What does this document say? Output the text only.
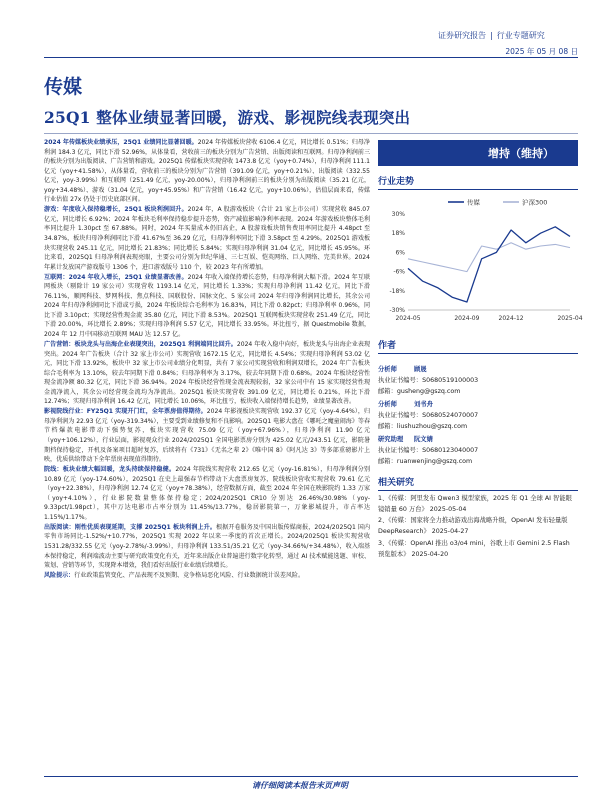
证券研究报告 | 行业专题研究
2025 年 05 月 08 日
传媒
25Q1 整体业绩显著回暖，游戏、影视院线表现突出

2024 年传媒板块业绩承压，25Q1 业绩同比显著回暖。2024 年传媒板块营收 6106.4 亿元，同比增长 0.51%；归母净利润 184.3 亿元，同比下滑 52.96%，从体量看，营收前三的板块分别为广告营销、出版阅读和互联网。归母净利润前三的板块分别为出版阅读、广告营销和游戏。2025Q1 传媒板块实现营收 1473.8 亿元（yoy+0.74%），归母净利润 111.1 亿元（yoy+41.58%），从体量看，营收前三的板块分别为广告营销（391.09 亿元，yoy+0.21%）、出版阅读（332.55 亿元，yoy-3.99%）和互联网（251.49 亿元，yoy-20.00%），归母净利润前三的板块分别为出版阅读（35.21 亿元，yoy+34.48%）、游戏（31.04 亿元，yoy+45.95%）和广告营销（16.42 亿元，yoy+10.06%），估值层面来看，传媒行业估值 27x 仍处于历史底部区间。

游戏：年度收入保持稳增长，25Q1 板块利润回升。2024 年，A 股游戏板块（合计 21 家上市公司）实现营收 845.07 亿元，同比增长 6.92%；2024 年板块毛利率保持稳步提升态势，资产减值影响净利率表现。2024 年游戏板块整体毛利率同比提升 1.30pct 至 67.88%。同时，2024 年买量成本仍旧高企，A 股游戏板块销售费用率同比提升 4.48pct 至 34.87%，板块归母净利润同比下滑 41.67%至 36.29 亿元，归母净利率同比下滑 3.58pct 至 4.29%。2025Q1 游戏板块实现营收 245.11 亿元，同比增长 21.83%；同比增长 5.84%；实现归母净利润 31.04 亿元，同比增长 45.95%。环比来看，2025Q1 归母净利润表现亮眼，主要公司分别为世纪华通、三七互娱、恺英网络、巨人网络、完美世界。2024 年累计发放国产游戏版号 1306 个，进口游戏版号 110 个，较 2023 年有所增加。

互联网：2024 年收入增长，25Q1 业绩显著改善。2024 年收入端保持增长态势，归母净利润大幅下滑。2024 年互联网板块（剔除计 19 家公司）实现营收 1193.14 亿元，同比增长 1.33%；实现归母净利润 11.42 亿元，同比下滑 76.11%，顺网科技、梦网科技、焦点科技、国联股份、国脉文化、5 家公司 2024 年归母净利润同比增长，其余公司 2024 年归母净利润同比下滑或亏损，2024 年板块综合毛利率为 16.83%，同比下滑 0.82pct；归母净利率 0.96%，同比下滑 3.10pct；实现经营性现金流 35.80 亿元，同比下滑 8.53%。2025Q1 互联网板块实现营收 251.49 亿元，同比下滑 20.00%，环比增长 2.89%；实现归母净利润 5.57 亿元，同比增长 33.95%。环比扭亏，据 Questmobile 数据，2024 年 12 月中国移动互联网 MAU 达 12.57 亿。

广告营销：板块龙头与出海企业表现突出，2025Q1 利润端同比回升。2024 年收入稳中向好，板块龙头与出海企业表现突出。2024 年广告板块（合计 32 家上市公司）实现营收 1672.15 亿元，同比增长 4.54%；实现归母净利润 53.02 亿元，同比下滑 13.92%，板块中 32 家上市公司业绩分化明显，共有 7 家公司实现营收和利润双增长，2024 年广告板块综合毛利率为 13.10%，较去年同期下滑 0.84%；归母净利率为 3.17%，较去年同期下滑 0.68%。2024 年板块经营性现金流净额 80.32 亿元，同比下滑 36.94%。2024 年板块经营性现金流表现较弱，32 家公司中有 15 家实现经营性现金流净流入，其余公司经营现金流均为净流出。2025Q1 板块实现营收 391.09 亿元，同比增长 0.21%，环比下滑 12.74%；实现归母净利润 16.42 亿元，同比增长 10.06%，环比扭亏，板块收入端保持增长趋势，业绩显著改善。

影视院线行业：FY25Q1 实现开门红，全年票房值得期待。2024 年影视板块实现营收 192.37 亿元（yoy-4.64%），归母净利润为 22.93 亿元（yoy-319.34%），主要受到业绩修复和不良影响。2025Q1 电影大盘在《哪吒之魔童闹海》等春节档爆款电影带动下强势复苏，板块实现营收 75.09 亿元（yoy+67.96%），归母净利润 11.90 亿元（yoy+106.12%），行业层面，影视观众行业 2024/2025Q1 全国电影票房分别为 425.02 亿元/243.51 亿元，影院暑期档保持稳定，开机及备案项目超时复苏，后续将有《731》《无名之辈 2》《唯中国 8》《阿凡达 3》等多部重磅影片上映，优质供给带动下全年票房表现值得期待。

院线：板块业绩大幅回暖，龙头持续保持稳健。2024 年院线实现营收 212.65 亿元（yoy-16.81%），归母净利润分别 10.89 亿元（yoy-174.60%），2025Q1 在史上最强春节档带动下大盘票房复苏，院线板块营收实现营收 79.61 亿元（yoy+22.38%），归母净利润 12.74 亿元（yoy+78.38%），经营数据方面，截至 2024 年全国在映影院约 1.33 万家（yoy+4.10%），行业影院数量整体保持稳定；2024/2025Q1 CR10 分别达 26.46%/30.98%（yoy-9.33pct/1.98pct），其中万达电影市占率分别为 11.45%/13.77%，稳居影院第一，万象影城提升，市占率达 1.15%/1.17%。

出版阅读：刚性优质表现延期，支撑 2025Q1 板块利润上升。根据开卷服务及中国出版传媒商报，2024/2025Q1 国内零售市场同比-1.52%/+10.77%，2025Q1 实现 2022 年以来一季度的首次正增长。2024/2025Q1 板块实现营收 1531.28/332.55 亿元（yoy-2.78%/-3.99%），归母净利润 133.51/35.21 亿元（yoy-34.66%/+34.48%），收入端基本保持稳定，利润端波动主要与研究政策变化有关，近年来出版企业普遍进行数字化转型，通过 AI 技术赋能选题、审校、策划、营销等环节，实现降本增效，我们看好出版行业业绩后续增长。

风险提示：行业政策监管变化、产品表现不及预期、竞争格局恶化风险、行业数据统计误差风险。

增持（维持）
行业走势
传媒	沪深300
30%
18%
6%
-6%
-18%
-30%
2024-05	2024-09	2024-12	2025-04
作者
分析师	顾晟
执业证书编号： S0680519100003
邮箱： gusheng@gszq.com
分析师	刘书舟
执业证书编号： S0680524070007
邮箱： liushuzhou@gszq.com
研究助理	阮文婧
执业证书编号： S0680123040007
邮箱： ruanwenjing@gszq.com
相关研究
1、《传媒：阿里发布 Qwen3 模型家族，2025 年 Q1 全球 AI 智能眼镜销量 60 万台》 2025-05-04
2、《传媒：国家将全力推动游戏出海战略升级，OpenAI 发布轻量版 DeepResearch》 2025-04-27
3、《传媒：OpenAI 推出 o3/o4 mini，谷歌上市 Gemini 2.5 Flash 预览版本》 2025-04-20
请仔细阅读本报告末页声明
